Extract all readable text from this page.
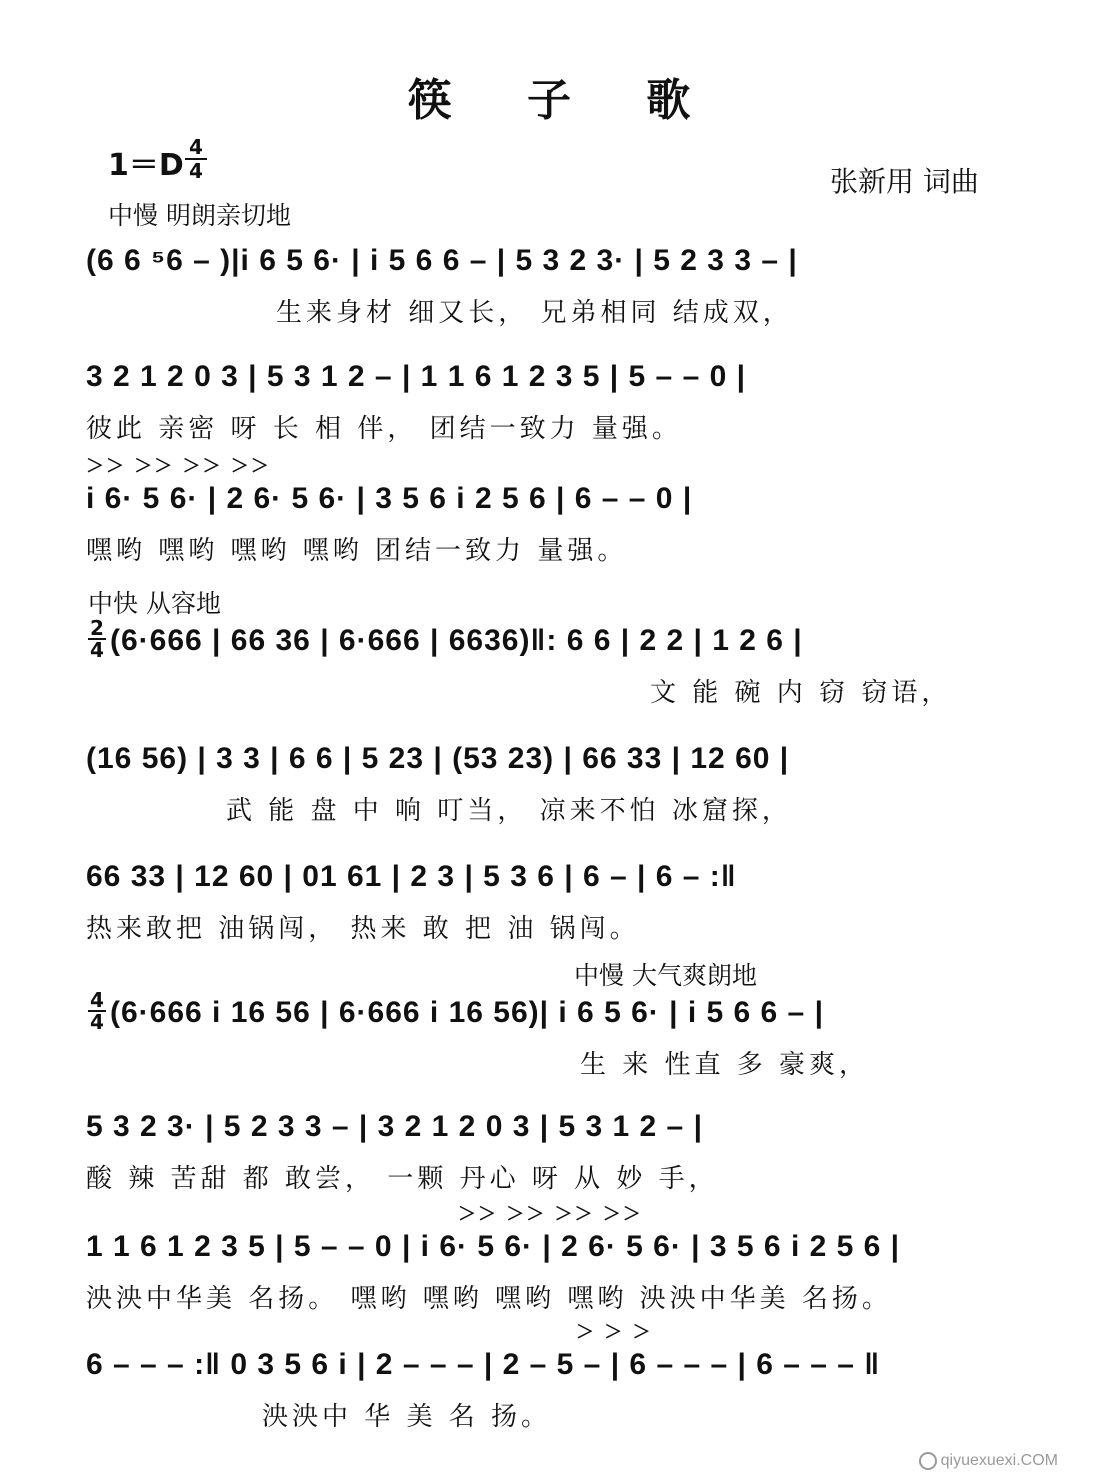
筷 子 歌
1＝D
4
4	张新用 词曲
中慢 明朗亲切地
(6 6 ⁵6 – )|i 6 5 6· | i 5 6 6 – | 5 3 2 3· | 5 2 3 3 – |
生来身材 细又长， 兄弟相同 结成双，
3 2 1 2 0 3 | 5 3 1 2 – | 1 1 6 1 2 3 5 | 5 – – 0 |
彼此 亲密 呀 长 相 伴， 团结一致力 量强。
＞＞ ＞＞ ＞＞ ＞＞
i 6· 5 6· | 2 6· 5 6· | 3 5 6 i 2 5 6 | 6 – – 0 |
嘿哟 嘿哟 嘿哟 嘿哟 团结一致力 量强。
中快 从容地
2
4 (6·666 | 66 36 | 6·666 | 6636)‖: 6 6 | 2 2 | 1 2 6 |
文 能 碗 内 窃 窃语，
(16 56) | 3 3 | 6 6 | 5 23 | (53 23) | 66 33 | 12 60 |
武 能 盘 中 响 叮当， 凉来不怕 冰窟探，
66 33 | 12 60 | 01 61 | 2 3 | 5 3 6 | 6 – | 6 – :‖
热来敢把 油锅闯， 热来 敢 把 油 锅闯。
中慢 大气爽朗地
4
4 (6·666 i 16 56 | 6·666 i 16 56)| i 6 5 6· | i 5 6 6 – |
生 来 性直 多 豪爽，
5 3 2 3· | 5 2 3 3 – | 3 2 1 2 0 3 | 5 3 1 2 – |
酸 辣 苦甜 都 敢尝， 一颗 丹心 呀 从 妙 手，
＞＞ ＞＞ ＞＞ ＞＞
1 1 6 1 2 3 5 | 5 – – 0 | i 6· 5 6· | 2 6· 5 6· | 3 5 6 i 2 5 6 |
泱泱中华美 名扬。 嘿哟 嘿哟 嘿哟 嘿哟 泱泱中华美 名扬。
＞ ＞ ＞
6 – – – :‖ 0 3 5 6 i | 2 – – – | 2 – 5 – | 6 – – – | 6 – – – ‖
泱泱中 华 美 名 扬。
qiyuexuexi.COM
